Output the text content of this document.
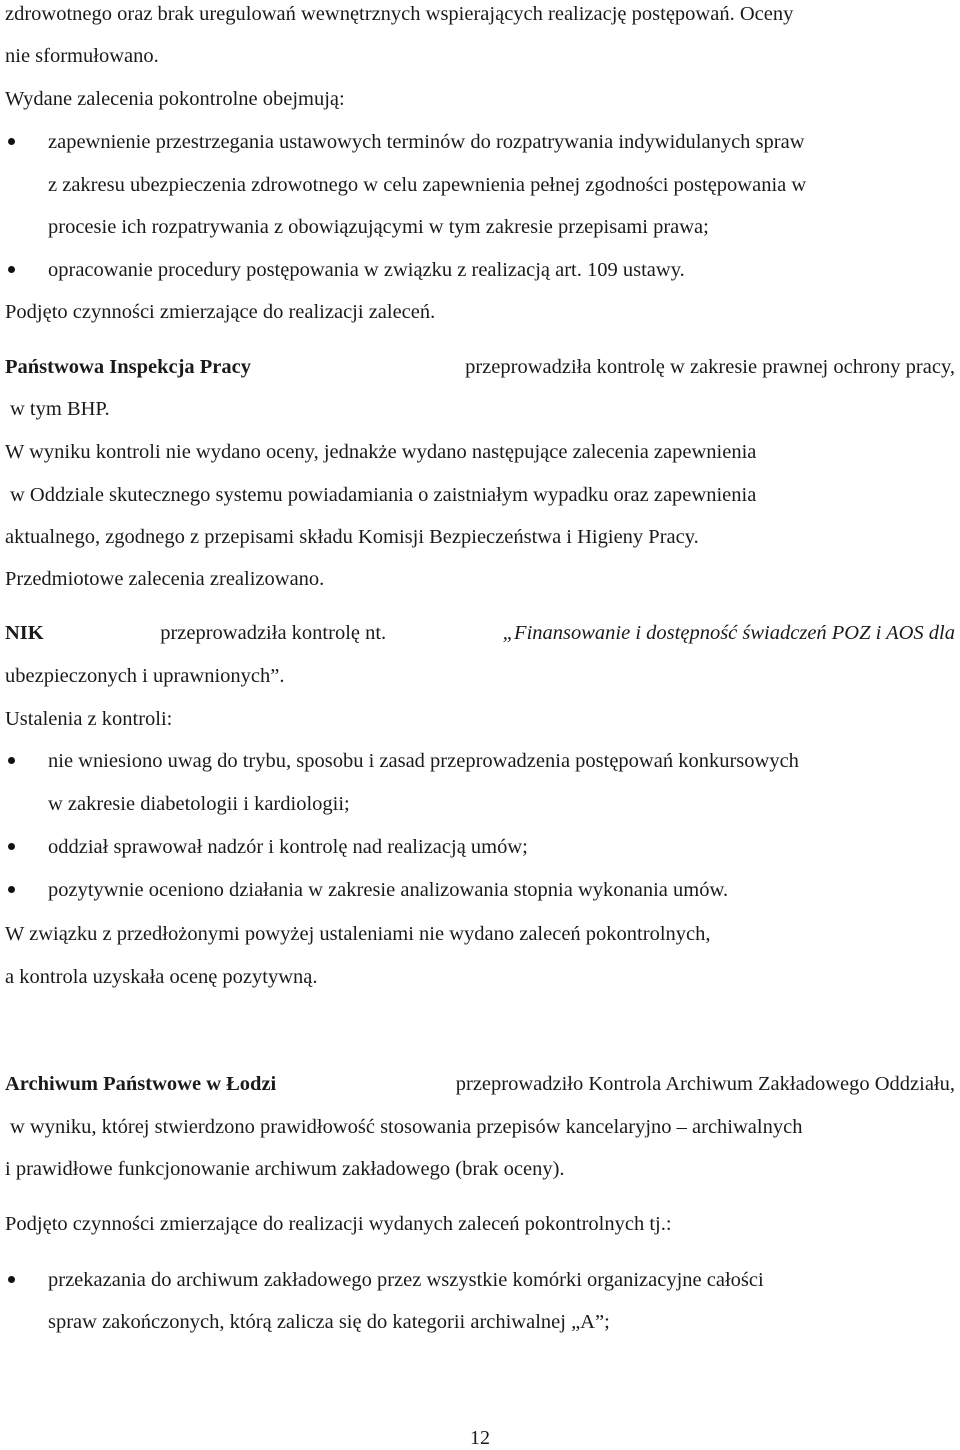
zdrowotnego oraz brak uregulowań wewnętrznych wspierających realizację postępowań. Oceny
nie sformułowano.
Wydane zalecenia pokontrolne obejmują:
zapewnienie przestrzegania ustawowych terminów do rozpatrywania indywidulanych spraw
z zakresu ubezpieczenia zdrowotnego w celu zapewnienia pełnej zgodności postępowania w
procesie ich rozpatrywania z obowiązującymi w tym zakresie przepisami prawa;
opracowanie procedury postępowania w związku z realizacją art. 109 ustawy.
Podjęto czynności zmierzające do realizacji zaleceń.
Państwowa Inspekcja Pracy	przeprowadziła kontrolę w zakresie prawnej ochrony pracy,
w tym BHP.
W wyniku kontroli nie wydano oceny, jednakże wydano następujące zalecenia zapewnienia
w Oddziale skutecznego systemu powiadamiania o zaistniałym wypadku oraz zapewnienia
aktualnego, zgodnego z przepisami składu Komisji Bezpieczeństwa i Higieny Pracy.
Przedmiotowe zalecenia zrealizowano.
NIK	przeprowadziła kontrolę nt.	„Finansowanie i dostępność świadczeń POZ i AOS dla
ubezpieczonych i uprawnionych”.
Ustalenia z kontroli:
nie wniesiono uwag do trybu, sposobu i zasad przeprowadzenia postępowań konkursowych
w zakresie diabetologii i kardiologii;
oddział sprawował nadzór i kontrolę nad realizacją umów;
pozytywnie oceniono działania w zakresie analizowania stopnia wykonania umów.
W związku z przedłożonymi powyżej ustaleniami nie wydano zaleceń pokontrolnych,
a kontrola uzyskała ocenę pozytywną.
Archiwum Państwowe w Łodzi	przeprowadziło Kontrola Archiwum Zakładowego Oddziału,
w wyniku, której stwierdzono prawidłowość stosowania przepisów kancelaryjno – archiwalnych
i prawidłowe funkcjonowanie archiwum zakładowego (brak oceny).
Podjęto czynności zmierzające do realizacji wydanych zaleceń pokontrolnych tj.:
przekazania do archiwum zakładowego przez wszystkie komórki organizacyjne całości
spraw zakończonych, którą zalicza się do kategorii archiwalnej „A”;
12
